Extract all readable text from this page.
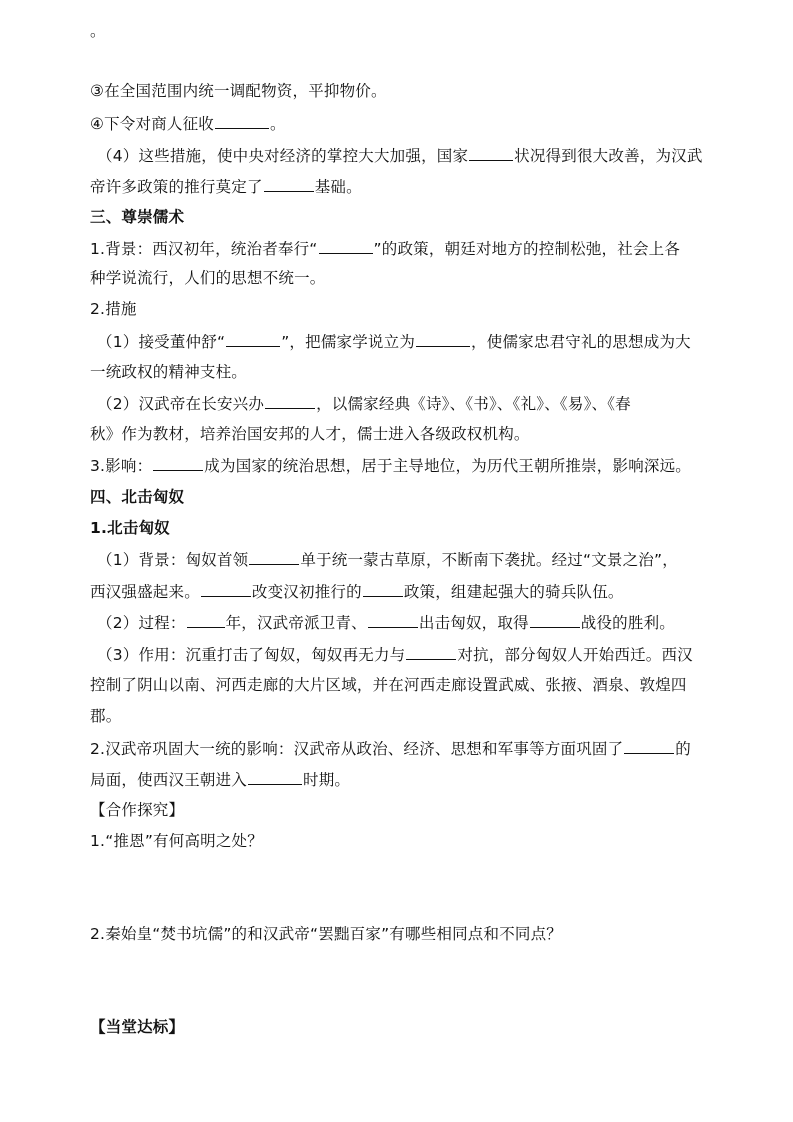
。
③在全国范围内统一调配物资，平抑物价。
④下令对商人征收	。
（4）这些措施，使中央对经济的掌控大大加强，国家	状况得到很大改善，为汉武
帝许多政策的推行莫定了	基础。
三、尊崇儒术
1.背景：西汉初年，统治者奉行“	”的政策，朝廷对地方的控制松弛，社会上各
种学说流行，人们的思想不统一。
2.措施
（1）接受董仲舒“	”，把儒家学说立为	，使儒家忠君守礼的思想成为大
一统政权的精神支柱。
（2）汉武帝在长安兴办	，以儒家经典《诗》、《书》、《礼》、《易》、《春
秋》作为教材，培养治国安邦的人才，儒士进入各级政权机构。
3.影响：	成为国家的统治思想，居于主导地位，为历代王朝所推崇，影响深远。
四、北击匈奴
1.北击匈奴
（1）背景：匈奴首领	单于统一蒙古草原，不断南下袭扰。经过“文景之治”，
西汉强盛起来。	改变汉初推行的	政策，组建起强大的骑兵队伍。
（2）过程：	年，汉武帝派卫青、	出击匈奴，取得	战役的胜利。
（3）作用：沉重打击了匈奴，匈奴再无力与	对抗，部分匈奴人开始西迁。西汉
控制了阴山以南、河西走廊的大片区域，并在河西走廊设置武威、张掖、酒泉、敦煌四
郡。
2.汉武帝巩固大一统的影响：汉武帝从政治、经济、思想和军事等方面巩固了	的
局面，使西汉王朝进入	时期。
【合作探究】
1.“推恩”有何高明之处？
2.秦始皇“焚书坑儒”的和汉武帝“罢黜百家”有哪些相同点和不同点？
【当堂达标】
